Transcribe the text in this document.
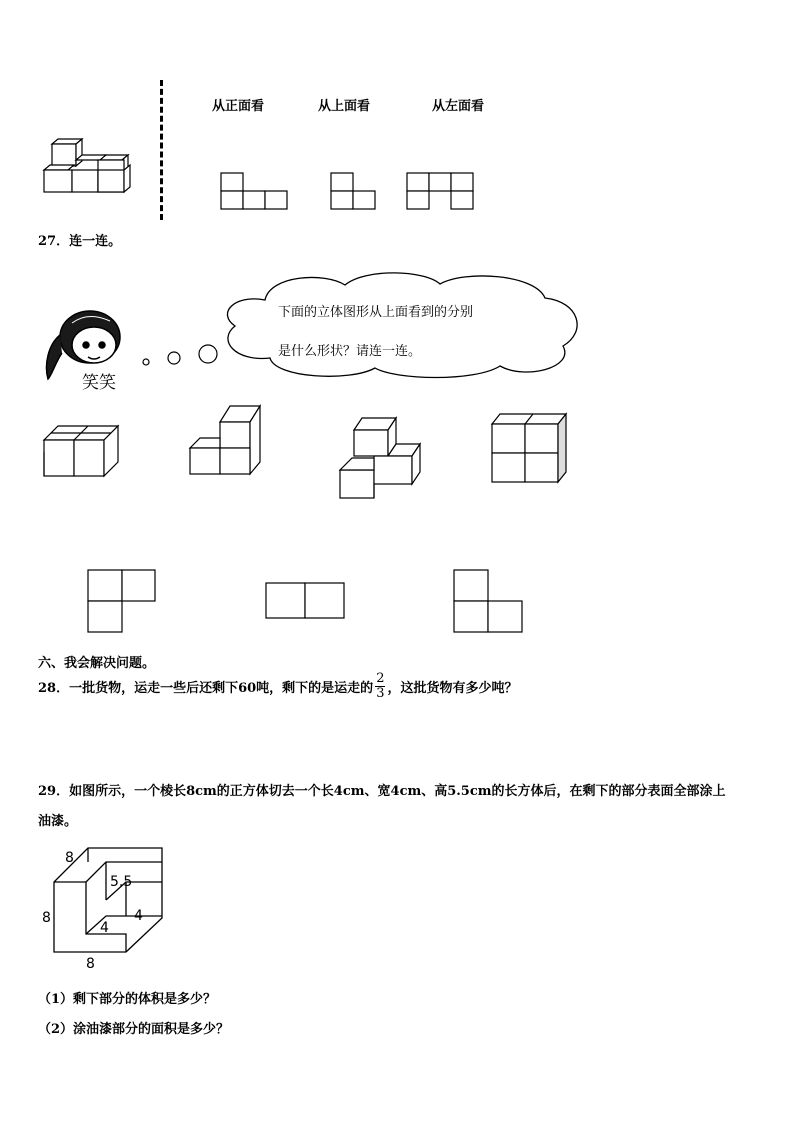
从正面看	从上面看	从左面看
27．连一连。
笑笑
下面的立体图形从上面看到的分别
是什么形状？请连一连。
六、我会解决问题。
28．一批货物，运走一些后还剩下60吨，剩下的是运走的 $\frac{2}{3}$ ，这批货物有多少吨？
29．如图所示，一个棱长8cm的正方体切去一个长4cm、宽4cm、高5.5cm的长方体后，在剩下的部分表面全部涂上
油漆。
8
8
8
4
4
5.5
（1）剩下部分的体积是多少？
（2）涂油漆部分的面积是多少？
